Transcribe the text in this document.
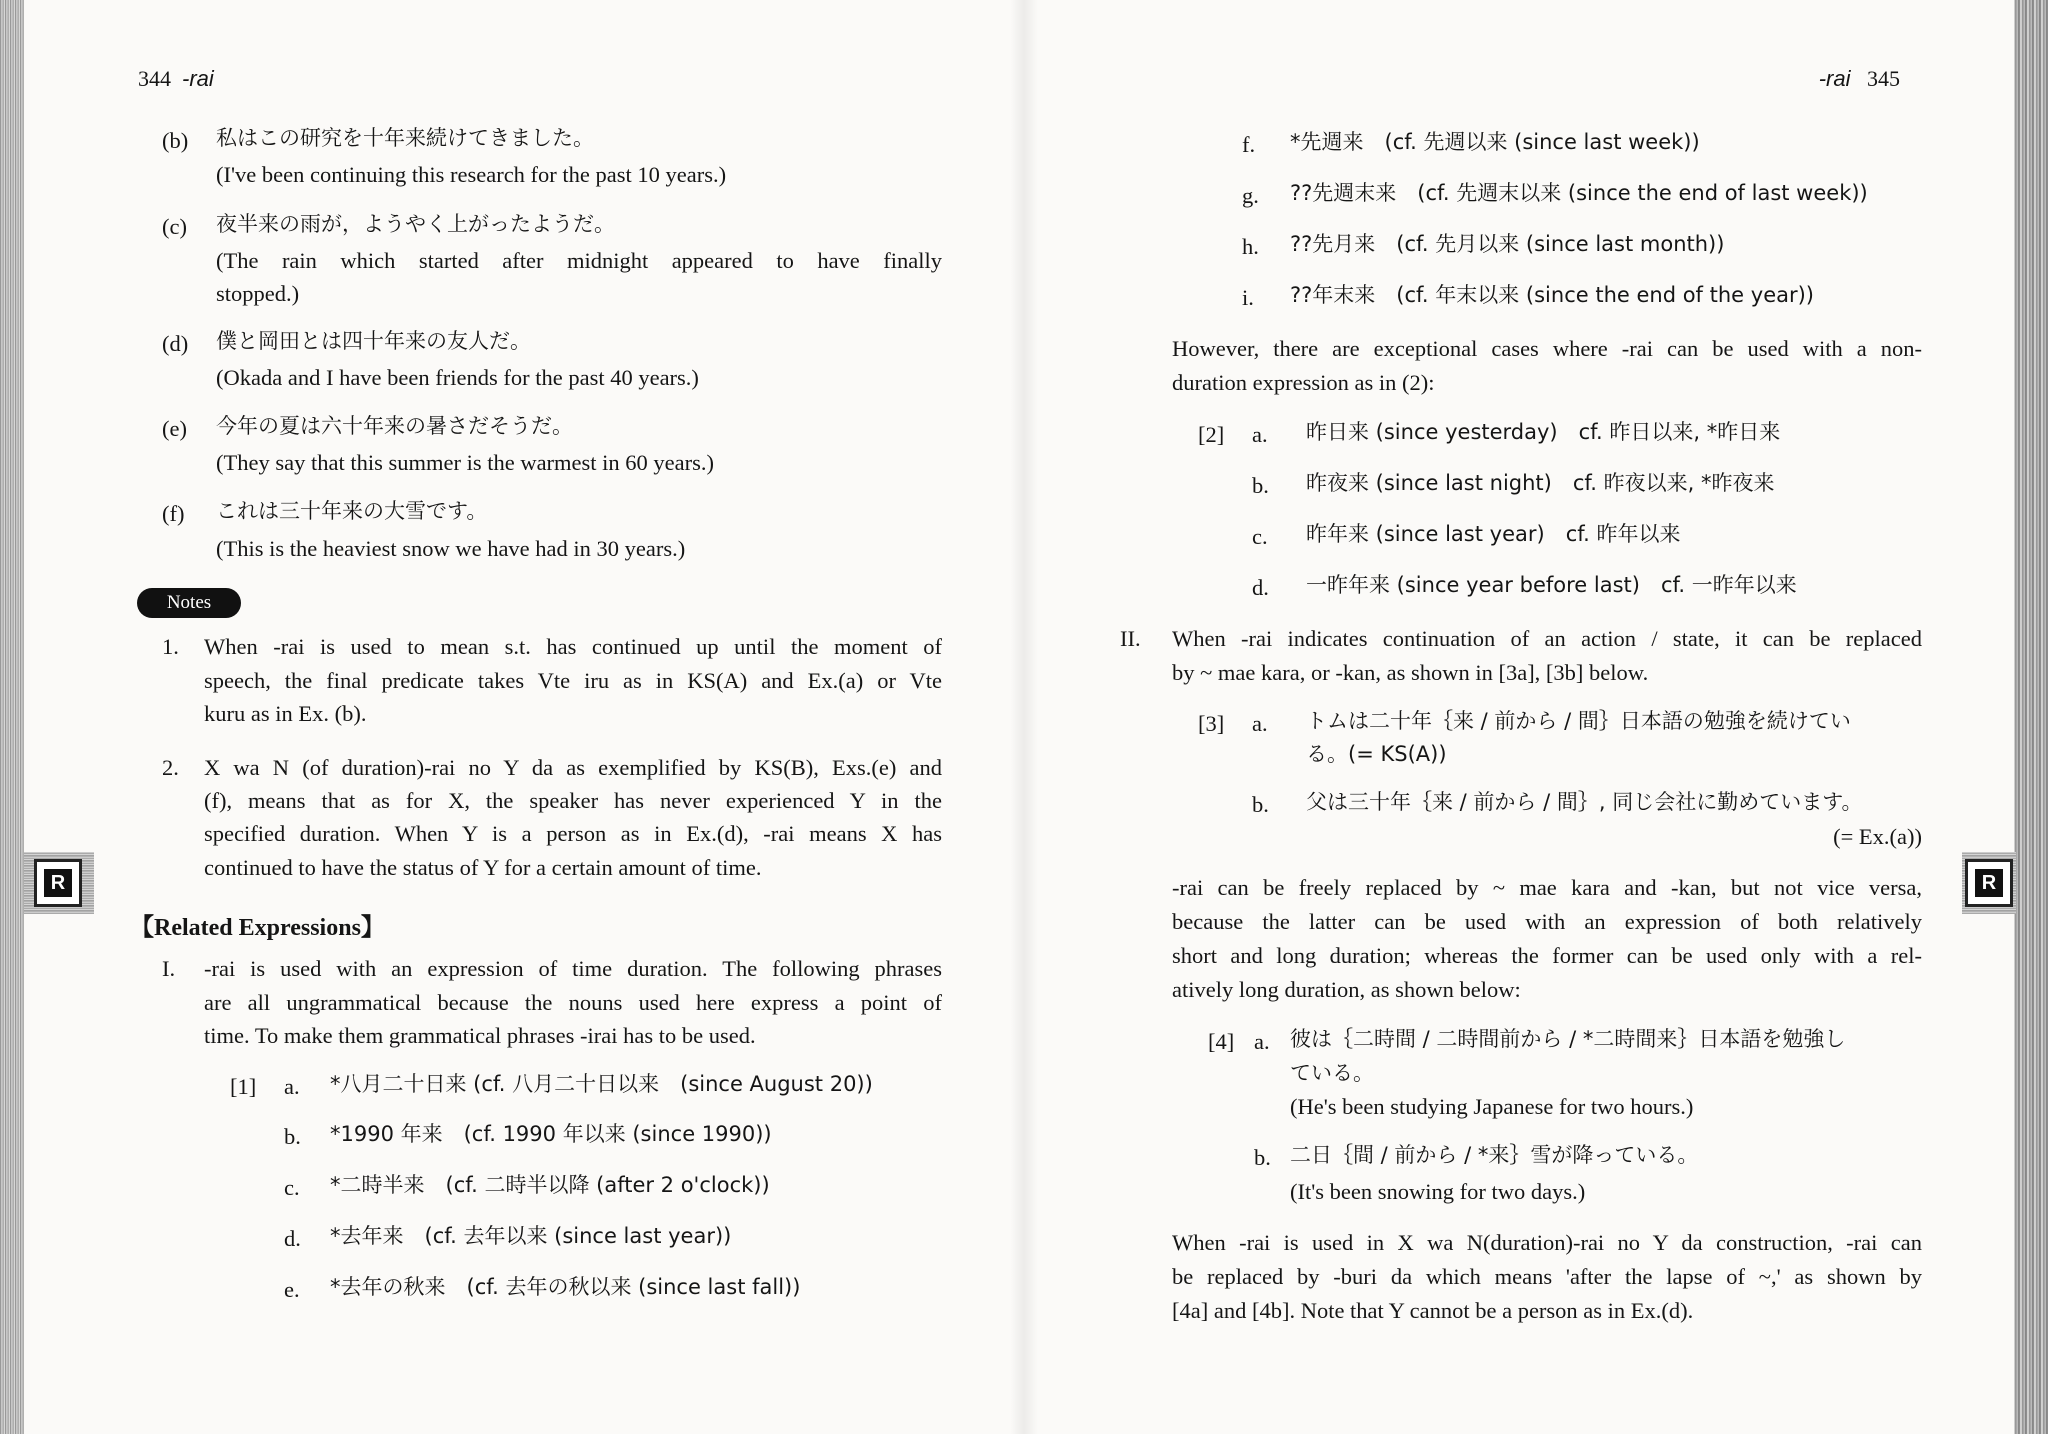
344 -rai
(b) 私はこの研究を十年来続けてきました。
(I've been continuing this research for the past 10 years.)
(c) 夜半来の雨が，ようやく上がったようだ。
(The rain which started after midnight appeared to have finally
stopped.)
(d) 僕と岡田とは四十年来の友人だ。
(Okada and I have been friends for the past 40 years.)
(e) 今年の夏は六十年来の暑さだそうだ。
(They say that this summer is the warmest in 60 years.)
(f) これは三十年来の大雪です。
(This is the heaviest snow we have had in 30 years.)
Notes
1. When -rai is used to mean s.t. has continued up until the moment of
speech, the final predicate takes Vte iru as in KS(A) and Ex.(a) or Vte
kuru as in Ex. (b).
2. X wa N (of duration)-rai no Y da as exemplified by KS(B), Exs.(e) and
(f), means that as for X, the speaker has never experienced Y in the
specified duration. When Y is a person as in Ex.(d), -rai means X has
continued to have the status of Y for a certain amount of time.
R
【Related Expressions】
I. -rai is used with an expression of time duration. The following phrases
are all ungrammatical because the nouns used here express a point of
time. To make them grammatical phrases -irai has to be used.
[1] a. *八月二十日来 (cf. 八月二十日以来　(since August 20))
b. *1990 年来　(cf. 1990 年以来 (since 1990))
c. *二時半来　(cf. 二時半以降 (after 2 o'clock))
d. *去年来　(cf. 去年以来 (since last year))
e. *去年の秋来　(cf. 去年の秋以来 (since last fall))
-rai 345
f. *先週来　(cf. 先週以来 (since last week))
g. ??先週末来　(cf. 先週末以来 (since the end of last week))
h. ??先月来　(cf. 先月以来 (since last month))
i. ??年末来　(cf. 年末以来 (since the end of the year))
However, there are exceptional cases where -rai can be used with a non-
duration expression as in (2):
[2] a. 昨日来 (since yesterday)　cf. 昨日以来, *昨日来
b. 昨夜来 (since last night)　cf. 昨夜以来, *昨夜来
c. 昨年来 (since last year)　cf. 昨年以来
d. 一昨年来 (since year before last)　cf. 一昨年以来
II. When -rai indicates continuation of an action / state, it can be replaced
by ~ mae kara, or -kan, as shown in [3a], [3b] below.
[3] a. トムは二十年｛来 / 前から / 間｝日本語の勉強を続けてい
る。(= KS(A))
b. 父は三十年｛来 / 前から / 間｝, 同じ会社に勤めています。
(= Ex.(a))
-rai can be freely replaced by ~ mae kara and -kan, but not vice versa,
because the latter can be used with an expression of both relatively
short and long duration; whereas the former can be used only with a rel-
atively long duration, as shown below:
[4] a. 彼は｛二時間 / 二時間前から / *二時間来｝日本語を勉強し
ている。
(He's been studying Japanese for two hours.)
b. 二日｛間 / 前から / *来｝雪が降っている。
(It's been snowing for two days.)
When -rai is used in X wa N(duration)-rai no Y da construction, -rai can
be replaced by -buri da which means 'after the lapse of ~,' as shown by
[4a] and [4b]. Note that Y cannot be a person as in Ex.(d).
R
